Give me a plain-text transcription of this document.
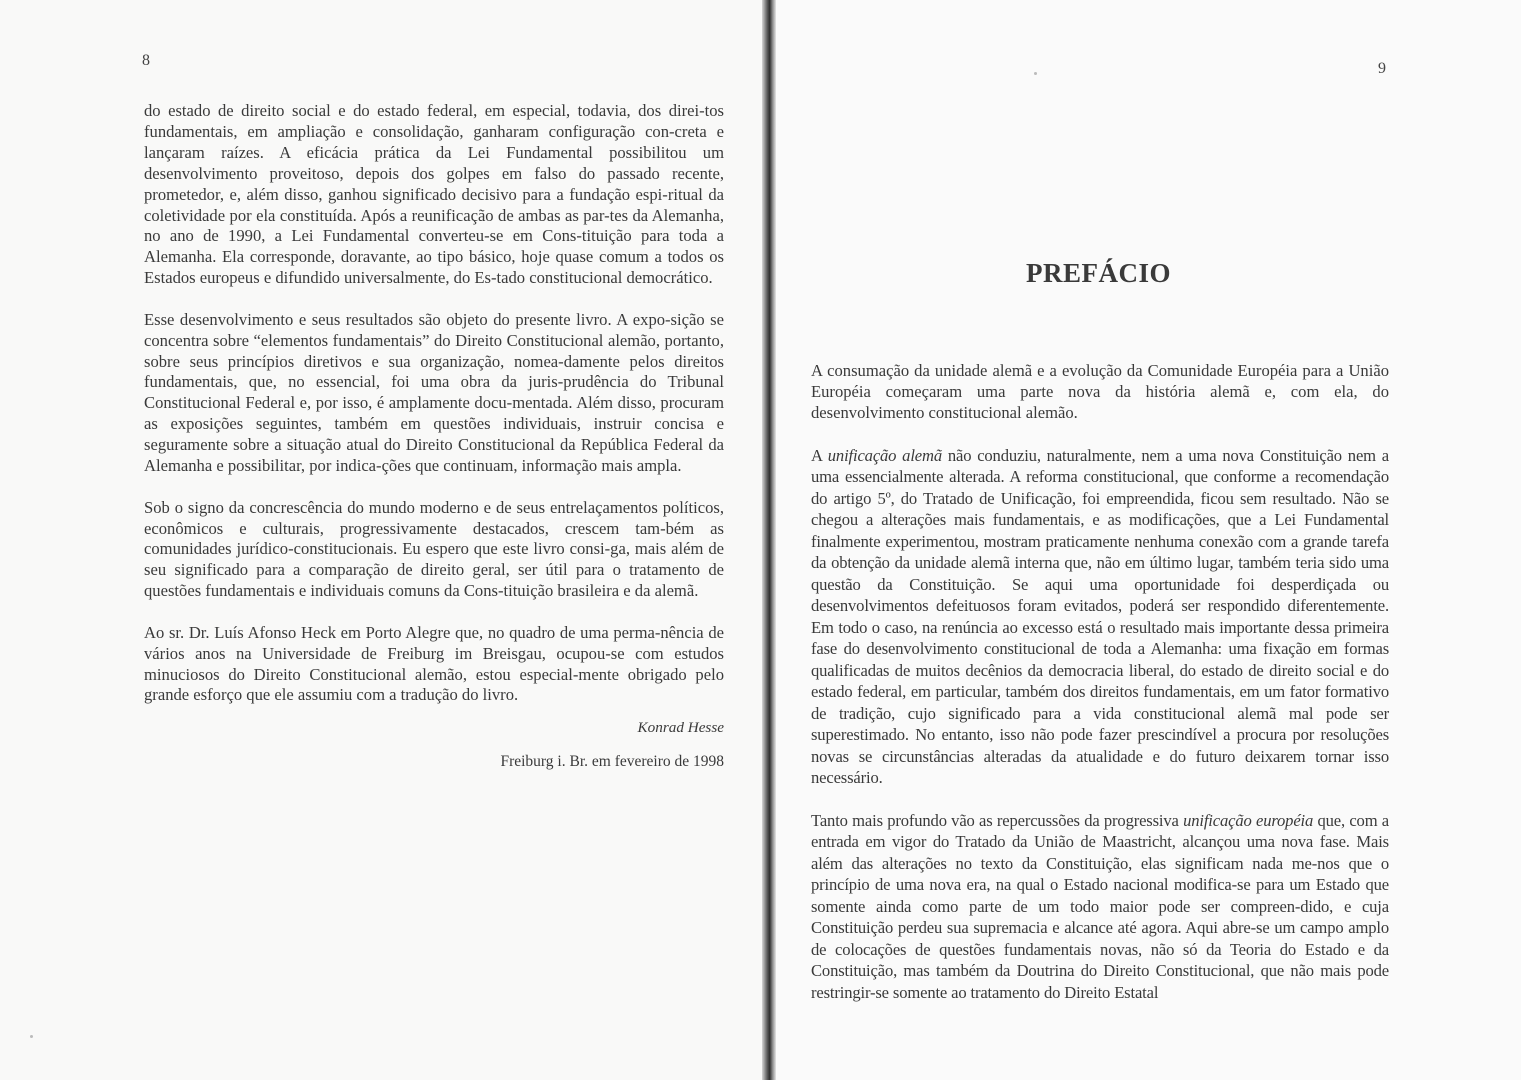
8

do estado de direito social e do estado federal, em especial, todavia, dos direi-tos fundamentais, em ampliação e consolidação, ganharam configuração con-creta e lançaram raízes. A eficácia prática da Lei Fundamental possibilitou um desenvolvimento proveitoso, depois dos golpes em falso do passado recente, prometedor, e, além disso, ganhou significado decisivo para a fundação espi-ritual da coletividade por ela constituída. Após a reunificação de ambas as par-tes da Alemanha, no ano de 1990, a Lei Fundamental converteu-se em Cons-tituição para toda a Alemanha. Ela corresponde, doravante, ao tipo básico, hoje quase comum a todos os Estados europeus e difundido universalmente, do Es-tado constitucional democrático.

Esse desenvolvimento e seus resultados são objeto do presente livro. A expo-sição se concentra sobre “elementos fundamentais” do Direito Constitucional alemão, portanto, sobre seus princípios diretivos e sua organização, nomea-damente pelos direitos fundamentais, que, no essencial, foi uma obra da juris-prudência do Tribunal Constitucional Federal e, por isso, é amplamente docu-mentada. Além disso, procuram as exposições seguintes, também em questões individuais, instruir concisa e seguramente sobre a situação atual do Direito Constitucional da República Federal da Alemanha e possibilitar, por indica-ções que continuam, informação mais ampla.

Sob o signo da concrescência do mundo moderno e de seus entrelaçamentos políticos, econômicos e culturais, progressivamente destacados, crescem tam-bém as comunidades jurídico-constitucionais. Eu espero que este livro consi-ga, mais além de seu significado para a comparação de direito geral, ser útil para o tratamento de questões fundamentais e individuais comuns da Cons-tituição brasileira e da alemã.

Ao sr. Dr. Luís Afonso Heck em Porto Alegre que, no quadro de uma perma-nência de vários anos na Universidade de Freiburg im Breisgau, ocupou-se com estudos minuciosos do Direito Constitucional alemão, estou especial-mente obrigado pelo grande esforço que ele assumiu com a tradução do livro.

Konrad Hesse

Freiburg i. Br. em fevereiro de 1998

9
PREFÁCIO

A consumação da unidade alemã e a evolução da Comunidade Européia para a União Européia começaram uma parte nova da história alemã e, com ela, do desenvolvimento constitucional alemão.

A unificação alemã não conduziu, naturalmente, nem a uma nova Constituição nem a uma essencialmente alterada. A reforma constitucional, que conforme a recomendação do artigo 5º, do Tratado de Unificação, foi empreendida, ficou sem resultado. Não se chegou a alterações mais fundamentais, e as modificações, que a Lei Fundamental finalmente experimentou, mostram praticamente nenhuma conexão com a grande tarefa da obtenção da unidade alemã interna que, não em último lugar, também teria sido uma questão da Constituição. Se aqui uma oportunidade foi desperdiçada ou desenvolvimentos defeituosos foram evitados, poderá ser respondido diferentemente. Em todo o caso, na renúncia ao excesso está o resultado mais importante dessa primeira fase do desenvolvimento constitucional de toda a Alemanha: uma fixação em formas qualificadas de muitos decênios da democracia liberal, do estado de direito social e do estado federal, em particular, também dos direitos fundamentais, em um fator formativo de tradição, cujo significado para a vida constitucional alemã mal pode ser superestimado. No entanto, isso não pode fazer prescindível a procura por resoluções novas se circunstâncias alteradas da atualidade e do futuro deixarem tornar isso necessário.

Tanto mais profundo vão as repercussões da progressiva unificação européia que, com a entrada em vigor do Tratado da União de Maastricht, alcançou uma nova fase. Mais além das alterações no texto da Constituição, elas significam nada me-nos que o princípio de uma nova era, na qual o Estado nacional modifica-se para um Estado que somente ainda como parte de um todo maior pode ser compreen-dido, e cuja Constituição perdeu sua supremacia e alcance até agora. Aqui abre-se um campo amplo de colocações de questões fundamentais novas, não só da Teoria do Estado e da Constituição, mas também da Doutrina do Direito Constitucional, que não mais pode restringir-se somente ao tratamento do Direito Estatal
